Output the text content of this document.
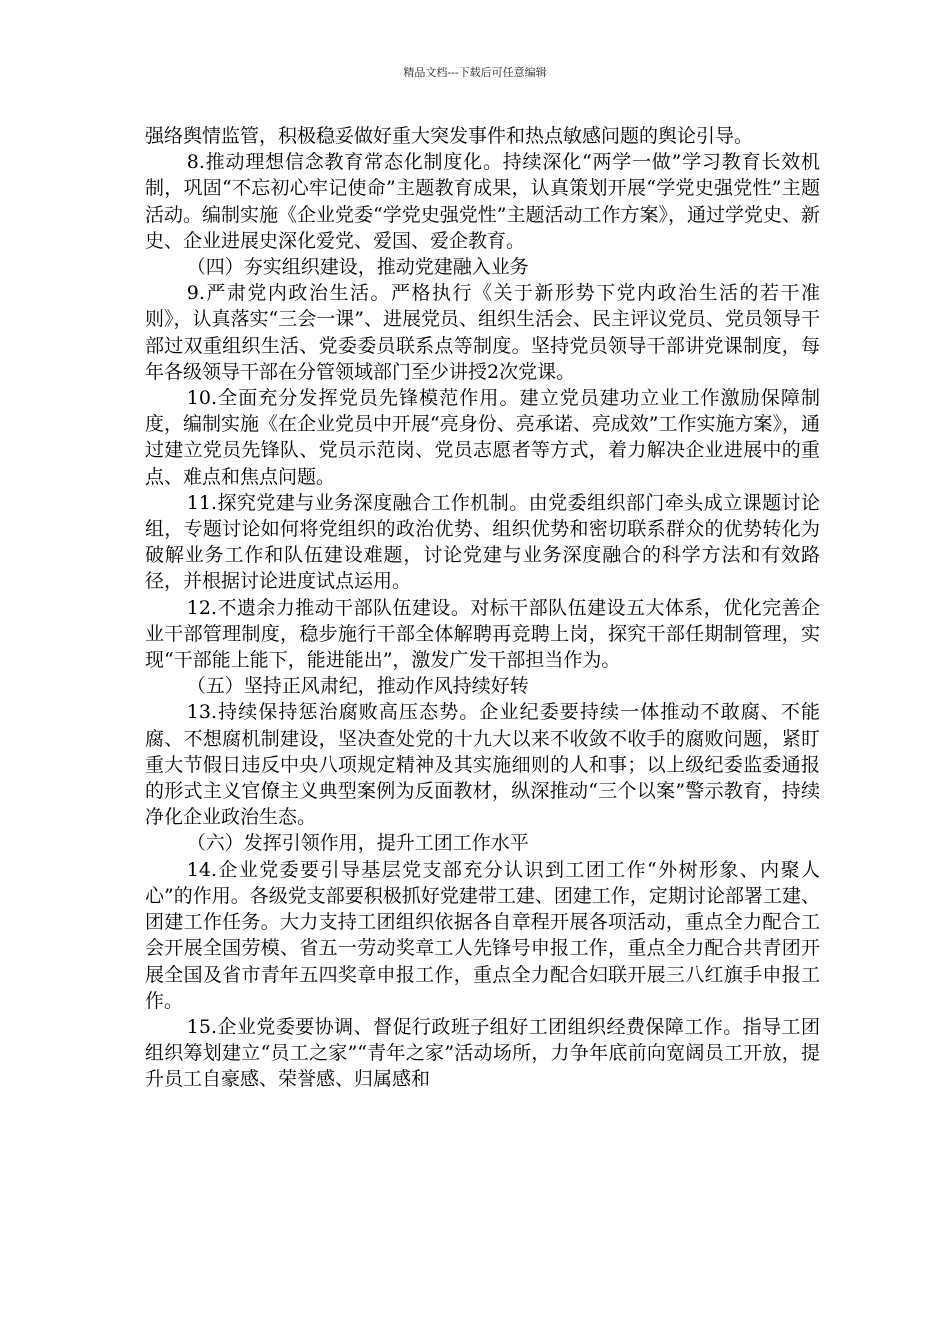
精品文档---下载后可任意编辑

强络舆情监管，积极稳妥做好重大突发事件和热点敏感问题的舆论引导。

8.推动理想信念教育常态化制度化。持续深化“两学一做”学习教育长效机制，巩固“不忘初心牢记使命”主题教育成果，认真策划开展“学党史强党性”主题活动。编制实施《企业党委“学党史强党性”主题活动工作方案》，通过学党史、新史、企业进展史深化爱党、爱国、爱企教育。

（四）夯实组织建设，推动党建融入业务

9.严肃党内政治生活。严格执行《关于新形势下党内政治生活的若干准则》，认真落实“三会一课”、进展党员、组织生活会、民主评议党员、党员领导干部过双重组织生活、党委委员联系点等制度。坚持党员领导干部讲党课制度，每年各级领导干部在分管领域部门至少讲授2次党课。

10.全面充分发挥党员先锋模范作用。建立党员建功立业工作激励保障制度，编制实施《在企业党员中开展“亮身份、亮承诺、亮成效”工作实施方案》，通过建立党员先锋队、党员示范岗、党员志愿者等方式，着力解决企业进展中的重点、难点和焦点问题。

11.探究党建与业务深度融合工作机制。由党委组织部门牵头成立课题讨论组，专题讨论如何将党组织的政治优势、组织优势和密切联系群众的优势转化为破解业务工作和队伍建设难题，讨论党建与业务深度融合的科学方法和有效路径，并根据讨论进度试点运用。

12.不遗余力推动干部队伍建设。对标干部队伍建设五大体系，优化完善企业干部管理制度，稳步施行干部全体解聘再竞聘上岗，探究干部任期制管理，实现“干部能上能下，能进能出”，激发广发干部担当作为。

（五）坚持正风肃纪，推动作风持续好转

13.持续保持惩治腐败高压态势。企业纪委要持续一体推动不敢腐、不能腐、不想腐机制建设，坚决查处党的十九大以来不收敛不收手的腐败问题，紧盯重大节假日违反中央八项规定精神及其实施细则的人和事；以上级纪委监委通报的形式主义官僚主义典型案例为反面教材，纵深推动“三个以案”警示教育，持续净化企业政治生态。

（六）发挥引领作用，提升工团工作水平

14.企业党委要引导基层党支部充分认识到工团工作“外树形象、内聚人心”的作用。各级党支部要积极抓好党建带工建、团建工作，定期讨论部署工建、团建工作任务。大力支持工团组织依据各自章程开展各项活动，重点全力配合工会开展全国劳模、省五一劳动奖章工人先锋号申报工作，重点全力配合共青团开展全国及省市青年五四奖章申报工作，重点全力配合妇联开展三八红旗手申报工作。

15.企业党委要协调、督促行政班子组好工团组织经费保障工作。指导工团组织筹划建立“员工之家”“青年之家”活动场所，力争年底前向宽阔员工开放，提升员工自豪感、荣誉感、归属感和
